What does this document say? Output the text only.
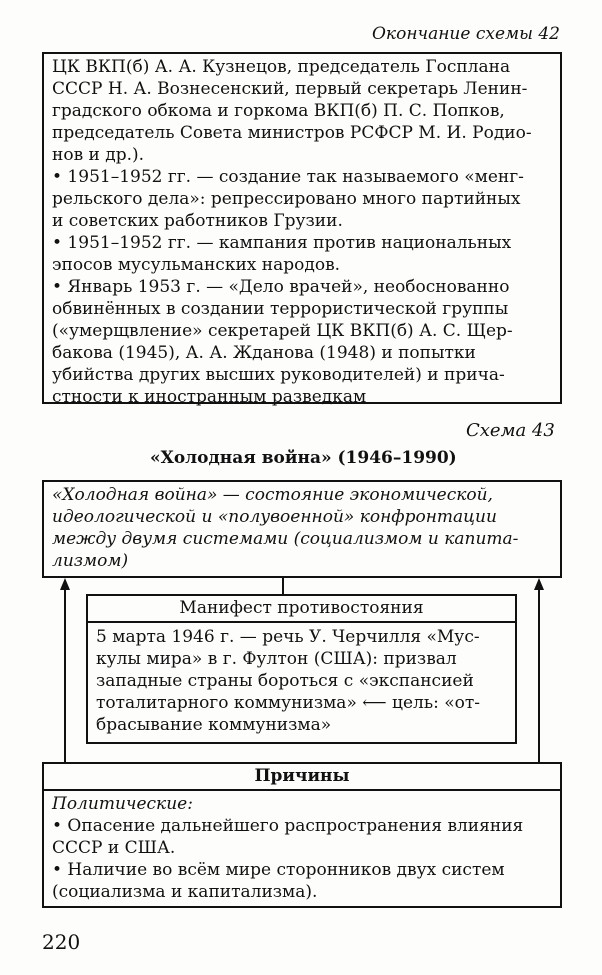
Окончание схемы 42
ЦК ВКП(б) А. А. Кузнецов, председатель Госплана
СССР Н. А. Вознесенский, первый секретарь Ленин-
градского обкома и горкома ВКП(б) П. С. Попков,
председатель Совета министров РСФСР М. И. Родио-
нов и др.).
• 1951–1952 гг. — создание так называемого «менг-
рельского дела»: репрессировано много партийных
и советских работников Грузии.
• 1951–1952 гг. — кампания против национальных
эпосов мусульманских народов.
• Январь 1953 г. — «Дело врачей», необоснованно
обвинённых в создании террористической группы
(«умерщвление» секретарей ЦК ВКП(б) А. С. Щер-
бакова (1945), А. А. Жданова (1948) и попытки
убийства других высших руководителей) и прича-
стности к иностранным разведкам
Схема 43
«Холодная война» (1946–1990)
«Холодная война» — состояние экономической,
идеологической и «полувоенной» конфронтации
между двумя системами (социализмом и капита-
лизмом)
Манифест противостояния
5 марта 1946 г. — речь У. Черчилля «Мус-
кулы мира» в г. Фултон (США): призвал
западные страны бороться с «экспансией
тоталитарного коммунизма» ⟵ цель: «от-
брасывание коммунизма»
Причины
Политические:
• Опасение дальнейшего распространения влияния
СССР и США.
• Наличие во всём мире сторонников двух систем
(социализма и капитализма).
220
